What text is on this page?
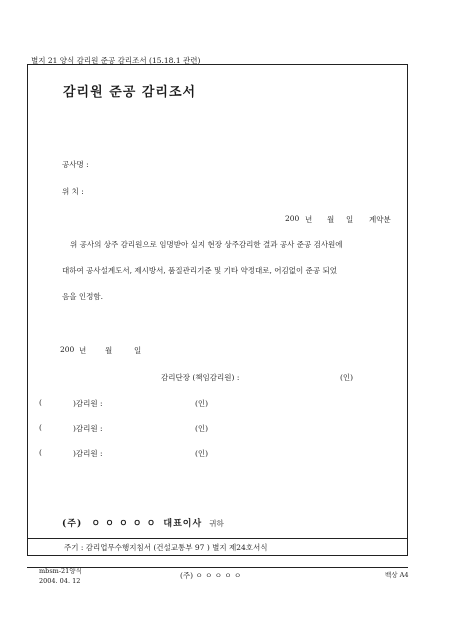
별지 21 양식 감리원 준공 감리조서 (15.18.1 관련)
감리원 준공 감리조서
공사명 :
위 치 :
200 년 월 일 계약분
위 공사의 상주 감리원으로 임명받아 실지 현장 상주감리한 결과 공사 준공 검사원에
대하여 공사설계도서, 제시방서, 품질관리기준 및 기타 약정대로, 어김없이 준공 되었
음을 인정함.
200 년	월	일
감리단장 (책임감리원) :	(인)
(	)감리원 :	(인)
(	)감리원 :	(인)
(	)감리원 :	(인)
(주) ㅇ ㅇ ㅇ ㅇ ㅇ 대표이사 귀하
주기 : 감리업무수행지침서 (건설교통부 97 ) 별지 제24호서식
mbsm-21양식
2004. 04. 12
(주) ㅇ ㅇ ㅇ ㅇ ㅇ	백상 A4
